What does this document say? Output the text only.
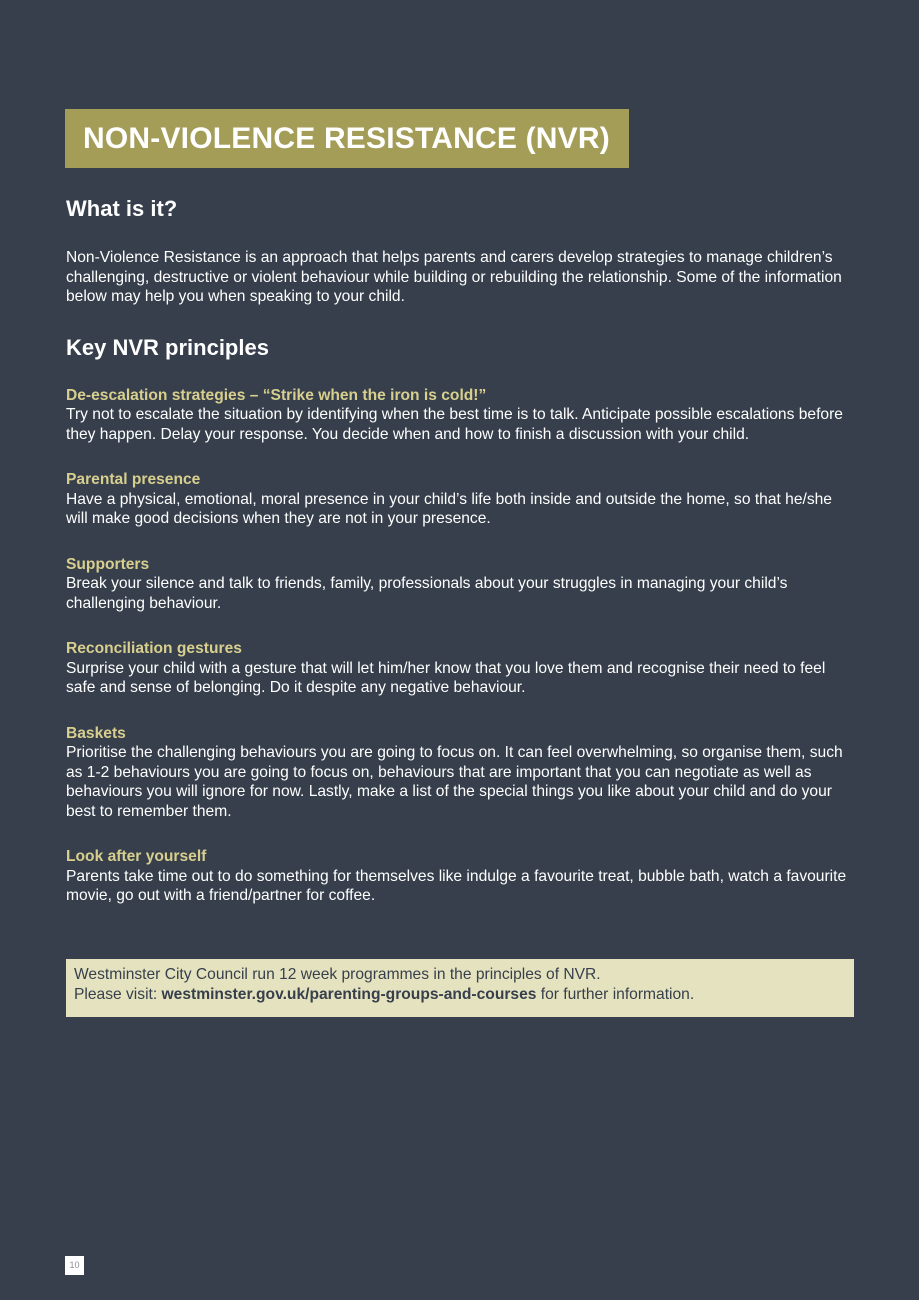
NON-VIOLENCE RESISTANCE (NVR)
What is it?
Non-Violence Resistance is an approach that helps parents and carers develop strategies to manage children’s challenging, destructive or violent behaviour while building or rebuilding the relationship. Some of the information below may help you when speaking to your child.
Key NVR principles
De-escalation strategies – “Strike when the iron is cold!”
Try not to escalate the situation by identifying when the best time is to talk. Anticipate possible escalations before they happen. Delay your response. You decide when and how to finish a discussion with your child.
Parental presence
Have a physical, emotional, moral presence in your child’s life both inside and outside the home, so that he/she will make good decisions when they are not in your presence.
Supporters
Break your silence and talk to friends, family, professionals about your struggles in managing your child’s challenging behaviour.
Reconciliation gestures
Surprise your child with a gesture that will let him/her know that you love them and recognise their need to feel safe and sense of belonging. Do it despite any negative behaviour.
Baskets
Prioritise the challenging behaviours you are going to focus on. It can feel overwhelming, so organise them, such as 1-2 behaviours you are going to focus on, behaviours that are important that you can negotiate as well as behaviours you will ignore for now. Lastly, make a list of the special things you like about your child and do your best to remember them.
Look after yourself
Parents take time out to do something for themselves like indulge a favourite treat, bubble bath, watch a favourite movie, go out with a friend/partner for coffee.
Westminster City Council run 12 week programmes in the principles of NVR.
Please visit: westminster.gov.uk/parenting-groups-and-courses for further information.
10
